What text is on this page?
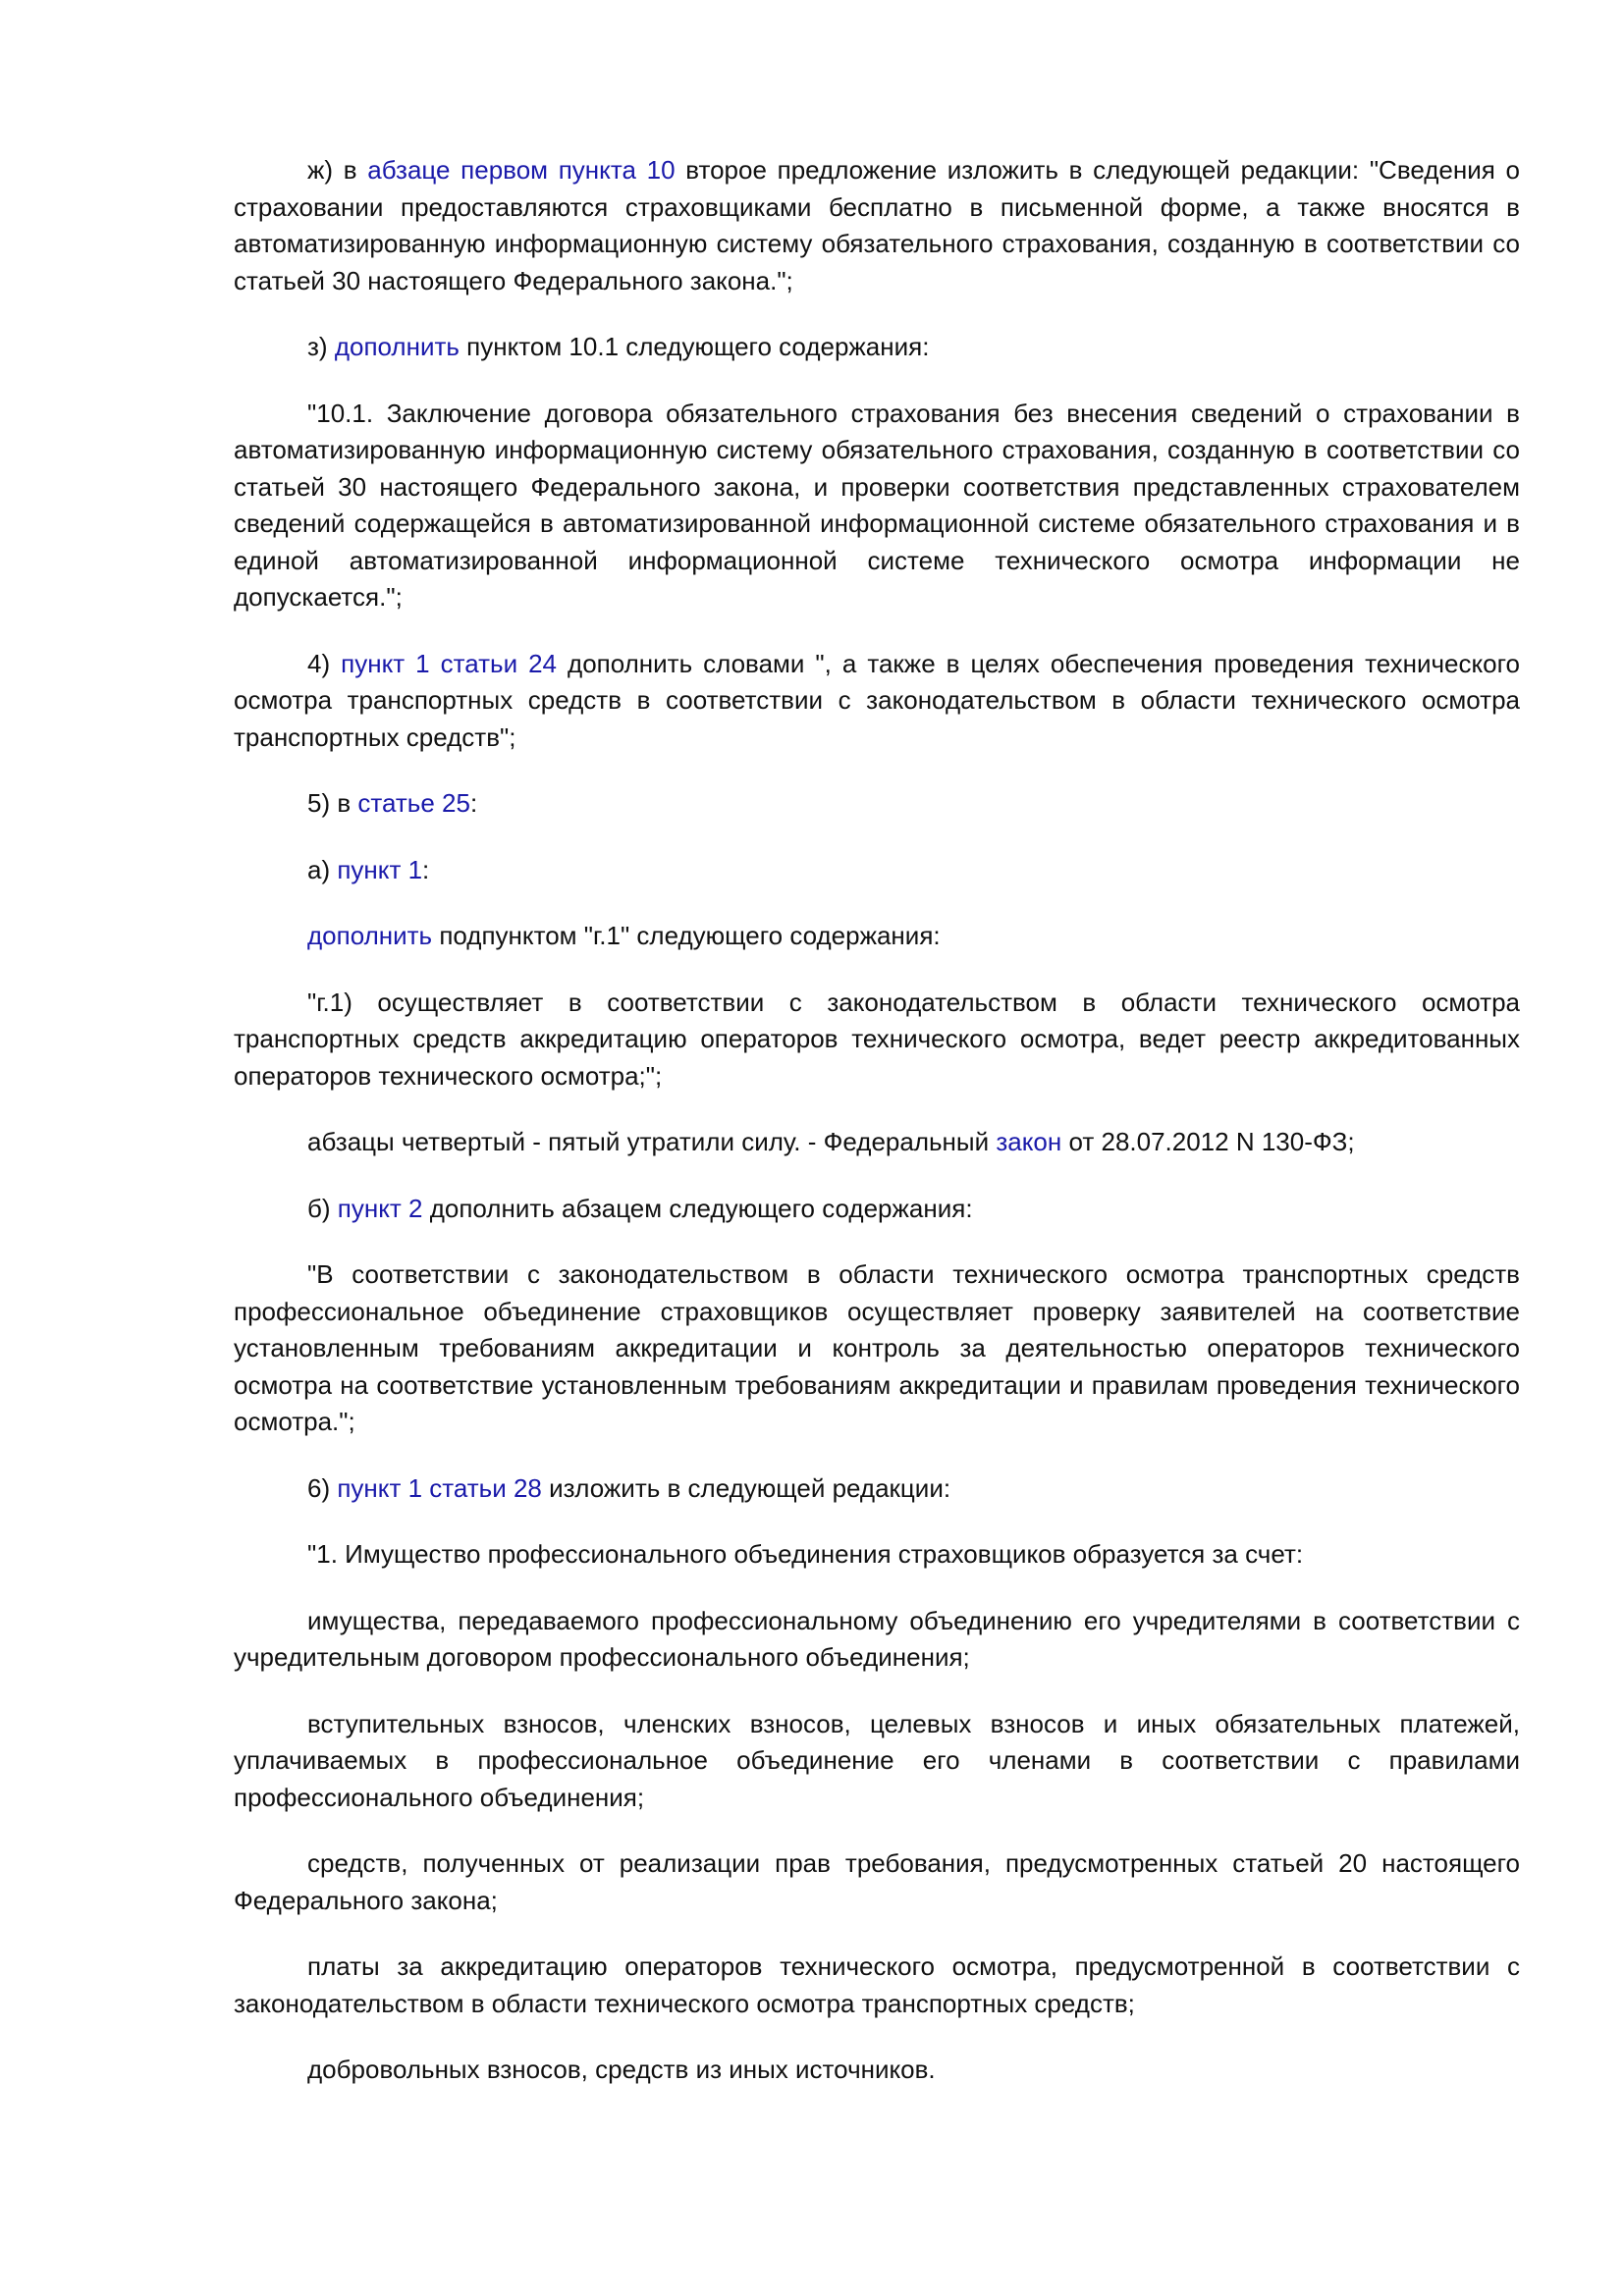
ж) в абзаце первом пункта 10 второе предложение изложить в следующей редакции: "Сведения о страховании предоставляются страховщиками бесплатно в письменной форме, а также вносятся в автоматизированную информационную систему обязательного страхования, созданную в соответствии со статьей 30 настоящего Федерального закона.";

з) дополнить пунктом 10.1 следующего содержания:

"10.1. Заключение договора обязательного страхования без внесения сведений о страховании в автоматизированную информационную систему обязательного страхования, созданную в соответствии со статьей 30 настоящего Федерального закона, и проверки соответствия представленных страхователем сведений содержащейся в автоматизированной информационной системе обязательного страхования и в единой автоматизированной информационной системе технического осмотра информации не допускается.";

4) пункт 1 статьи 24 дополнить словами ", а также в целях обеспечения проведения технического осмотра транспортных средств в соответствии с законодательством в области технического осмотра транспортных средств";

5) в статье 25:

а) пункт 1:

дополнить подпунктом "г.1" следующего содержания:

"г.1) осуществляет в соответствии с законодательством в области технического осмотра транспортных средств аккредитацию операторов технического осмотра, ведет реестр аккредитованных операторов технического осмотра;";

абзацы четвертый - пятый утратили силу. - Федеральный закон от 28.07.2012 N 130-ФЗ;

б) пункт 2 дополнить абзацем следующего содержания:

"В соответствии с законодательством в области технического осмотра транспортных средств профессиональное объединение страховщиков осуществляет проверку заявителей на соответствие установленным требованиям аккредитации и контроль за деятельностью операторов технического осмотра на соответствие установленным требованиям аккредитации и правилам проведения технического осмотра.";

6) пункт 1 статьи 28 изложить в следующей редакции:

"1. Имущество профессионального объединения страховщиков образуется за счет:

имущества, передаваемого профессиональному объединению его учредителями в соответствии с учредительным договором профессионального объединения;

вступительных взносов, членских взносов, целевых взносов и иных обязательных платежей, уплачиваемых в профессиональное объединение его членами в соответствии с правилами профессионального объединения;

средств, полученных от реализации прав требования, предусмотренных статьей 20 настоящего Федерального закона;

платы за аккредитацию операторов технического осмотра, предусмотренной в соответствии с законодательством в области технического осмотра транспортных средств;

добровольных взносов, средств из иных источников.
